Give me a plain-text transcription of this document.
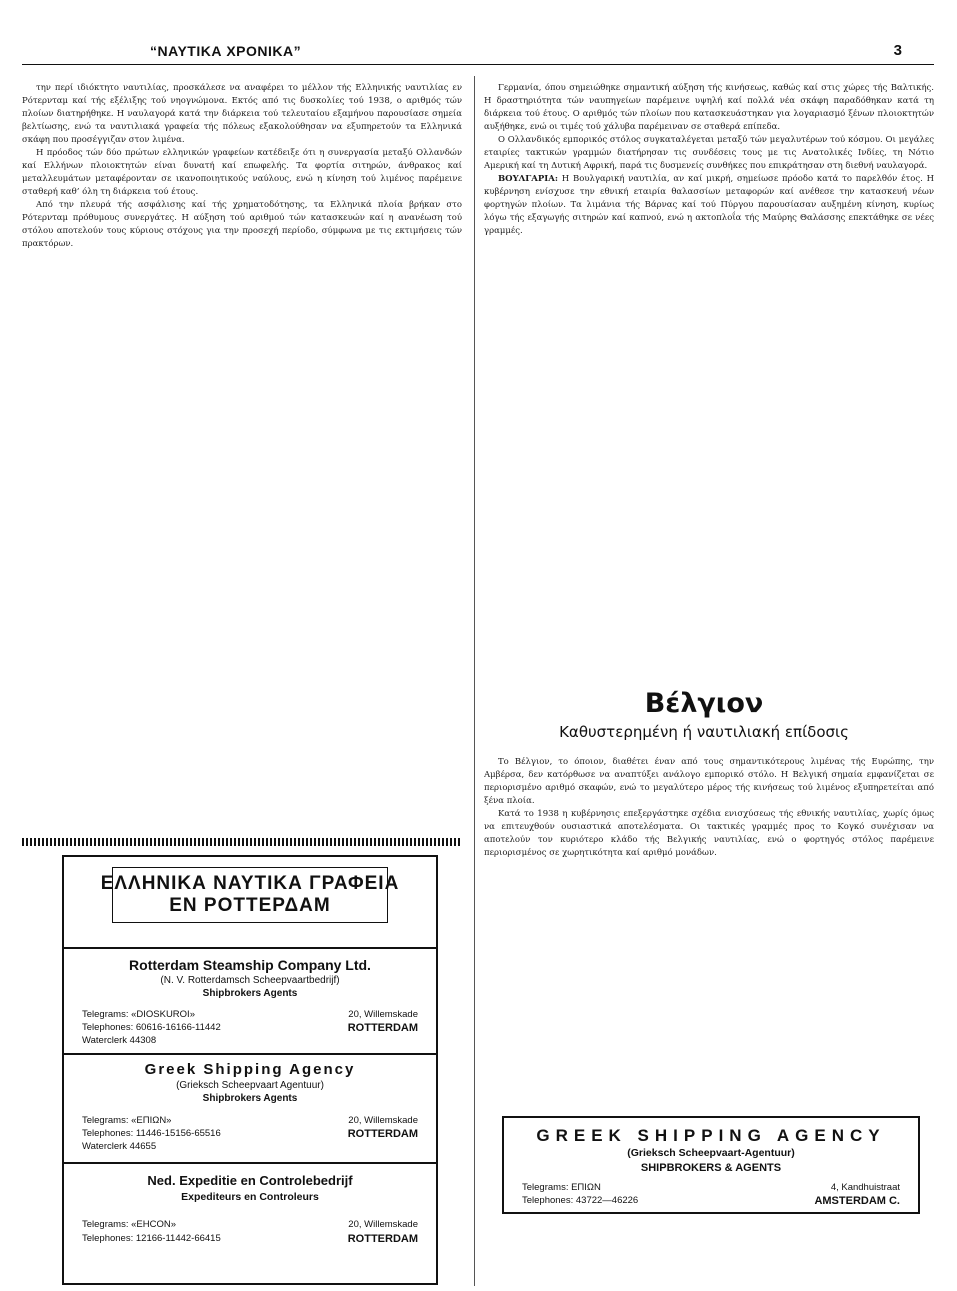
“ΝΑΥΤΙΚΑ ΧΡΟΝΙΚΑ”	3

την περί ιδιόκτητο ναυτιλίας, προσκάλεσε να αναφέρει το μέλλον τής Ελληνικής ναυτιλίας εν Ρότερνταμ καί τής εξέλιξης τού νηογνώμονα. Εκτός από τις δυσκολίες τού 1938, ο αριθμός τών πλοίων διατηρήθηκε. Η ναυλαγορά κατά την διάρκεια τού τελευταίου εξαμήνου παρουσίασε σημεία βελτίωσης, ενώ τα ναυτιλιακά γραφεία τής πόλεως εξακολούθησαν να εξυπηρετούν τα Ελληνικά σκάφη που προσέγγιζαν στον λιμένα.

Η πρόοδος τών δύο πρώτων ελληνικών γραφείων κατέδειξε ότι η συνεργασία μεταξύ Ολλανδών καί Ελλήνων πλοιοκτητών είναι δυνατή καί επωφελής. Τα φορτία σιτηρών, άνθρακος καί μεταλλευμάτων μεταφέρονταν σε ικανοποιητικούς ναύλους, ενώ η κίνηση τού λιμένος παρέμεινε σταθερή καθ’ όλη τη διάρκεια τού έτους.

Από την πλευρά τής ασφάλισης καί τής χρηματοδότησης, τα Ελληνικά πλοία βρήκαν στο Ρότερνταμ πρόθυμους συνεργάτες. Η αύξηση τού αριθμού τών κατασκευών καί η ανανέωση τού στόλου αποτελούν τους κύριους στόχους για την προσεχή περίοδο, σύμφωνα με τις εκτιμήσεις τών πρακτόρων.

ΕΛΛΗΝΙΚΑ ΝΑΥΤΙΚΑ ΓΡΑΦΕΙΑ
ΕΝ ΡΟΤΤΕΡΔΑΜ
Rotterdam Steamship Company Ltd.
(N. V. Rotterdamsch Scheepvaartbedrijf)
Shipbrokers Agents
Telegrams: «DIOSKUROI»
Telephones: 60616-16166-11442
Waterclerk 44308
20, Willemskade
ROTTERDAM
Greek Shipping Agency
(Grieksch Scheepvaart Agentuur)
Shipbrokers Agents
Telegrams: «ΕΠΙΩΝ»
Telephones: 11446-15156-65516
Waterclerk 44655
20, Willemskade
ROTTERDAM
Ned. Expeditie en Controlebedrijf
Expediteurs en Controleurs
Telegrams: «ΕΗCON»
Telephones: 12166-11442-66415
20, Willemskade
ROTTERDAM

Γερμανία, όπου σημειώθηκε σημαντική αύξηση τής κινήσεως, καθώς καί στις χώρες τής Βαλτικής. Η δραστηριότητα τών ναυπηγείων παρέμεινε υψηλή καί πολλά νέα σκάφη παραδόθηκαν κατά τη διάρκεια τού έτους. Ο αριθμός τών πλοίων που κατασκευάστηκαν για λογαριασμό ξένων πλοιοκτητών αυξήθηκε, ενώ οι τιμές τού χάλυβα παρέμειναν σε σταθερά επίπεδα.

Ο Ολλανδικός εμπορικός στόλος συγκαταλέγεται μεταξύ τών μεγαλυτέρων τού κόσμου. Οι μεγάλες εταιρίες τακτικών γραμμών διατήρησαν τις συνδέσεις τους με τις Ανατολικές Ινδίες, τη Νότιο Αμερική καί τη Δυτική Αφρική, παρά τις δυσμενείς συνθήκες που επικράτησαν στη διεθνή ναυλαγορά.

ΒΟΥΛΓΑΡΙΑ: Η Βουλγαρική ναυτιλία, αν καί μικρή, σημείωσε πρόοδο κατά το παρελθόν έτος. Η κυβέρνηση ενίσχυσε την εθνική εταιρία θαλασσίων μεταφορών καί ανέθεσε την κατασκευή νέων φορτηγών πλοίων. Τα λιμάνια τής Βάρνας καί τού Πύργου παρουσίασαν αυξημένη κίνηση, κυρίως λόγω τής εξαγωγής σιτηρών καί καπνού, ενώ η ακτοπλοΐα τής Μαύρης Θαλάσσης επεκτάθηκε σε νέες γραμμές.

Βέλγιον
Καθυστερημένη ή ναυτιλιακή επίδοσις

Το Βέλγιον, το όποιον, διαθέτει έναν από τους σημαντικότερους λιμένας τής Ευρώπης, την Αμβέρσα, δεν κατόρθωσε να αναπτύξει ανάλογο εμπορικό στόλο. Η Βελγική σημαία εμφανίζεται σε περιορισμένο αριθμό σκαφών, ενώ το μεγαλύτερο μέρος τής κινήσεως τού λιμένος εξυπηρετείται από ξένα πλοία.

Κατά το 1938 η κυβέρνησις επεξεργάστηκε σχέδια ενισχύσεως τής εθνικής ναυτιλίας, χωρίς όμως να επιτευχθούν ουσιαστικά αποτελέσματα. Οι τακτικές γραμμές προς το Κογκό συνέχισαν να αποτελούν τον κυριότερο κλάδο τής Βελγικής ναυτιλίας, ενώ ο φορτηγός στόλος παρέμεινε περιορισμένος σε χωρητικότητα καί αριθμό μονάδων.

GREEK SHIPPING AGENCY
(Grieksch Scheepvaart-Agentuur)
SHIPBROKERS & AGENTS
Telegrams: ΕΠΙΩΝ
Telephones: 43722—46226
4, Kandhuistraat
AMSTERDAM C.
